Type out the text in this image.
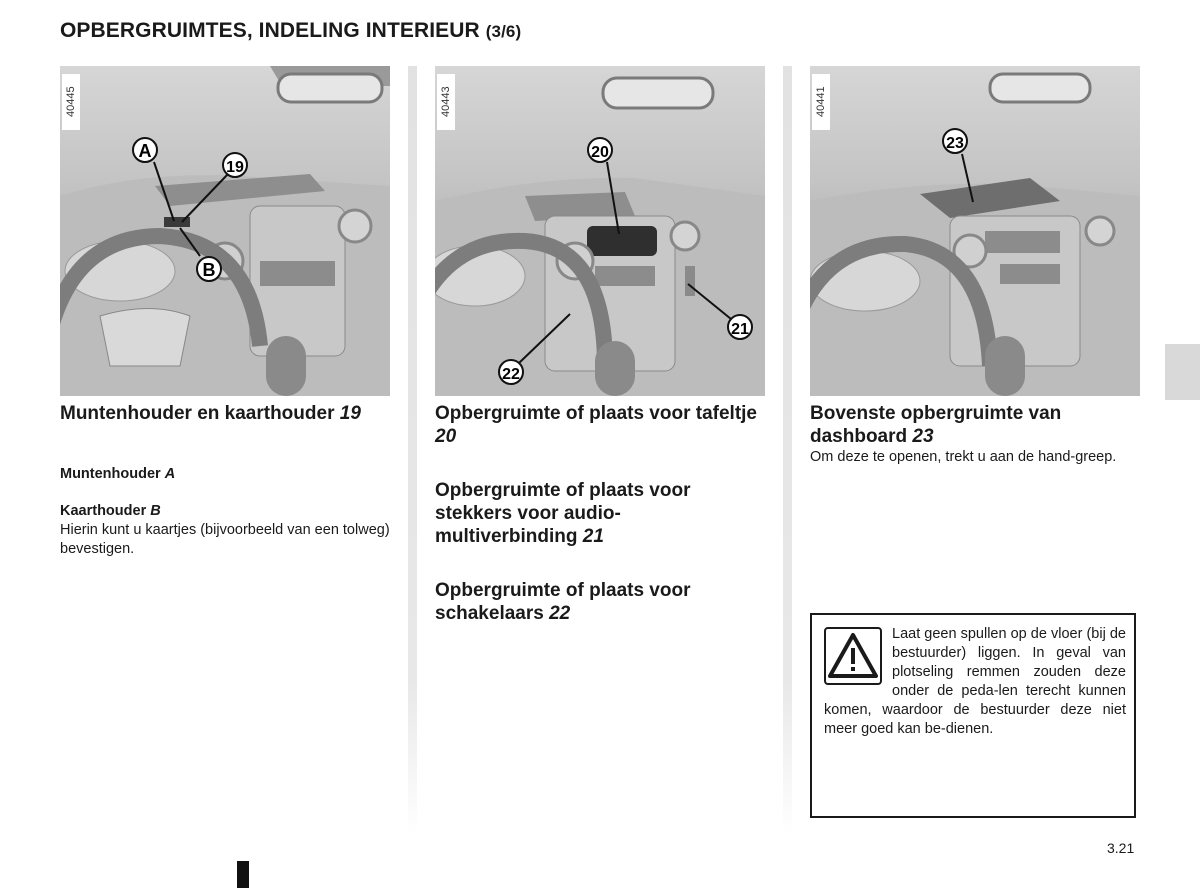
OPBERGRUIMTES, INDELING INTERIEUR (3/6)
40445
A
19
B
40443
20
21
22
40441
23
Muntenhouder en kaarthouder 19
Muntenhouder A
Kaarthouder B
Hierin kunt u kaartjes (bijvoorbeeld van een tolweg) bevestigen.
Opbergruimte of plaats voor tafeltje 20
Opbergruimte of plaats voor stekkers voor audio-multiverbinding 21
Opbergruimte of plaats voor schakelaars 22
Bovenste opbergruimte van dashboard 23
Om deze te openen, trekt u aan de hand-greep.
Laat geen spullen op de vloer (bij de bestuurder) liggen. In geval van plotseling remmen zouden deze onder de peda-len terecht kunnen komen, waardoor de bestuurder deze niet meer goed kan be-dienen.
3.21
